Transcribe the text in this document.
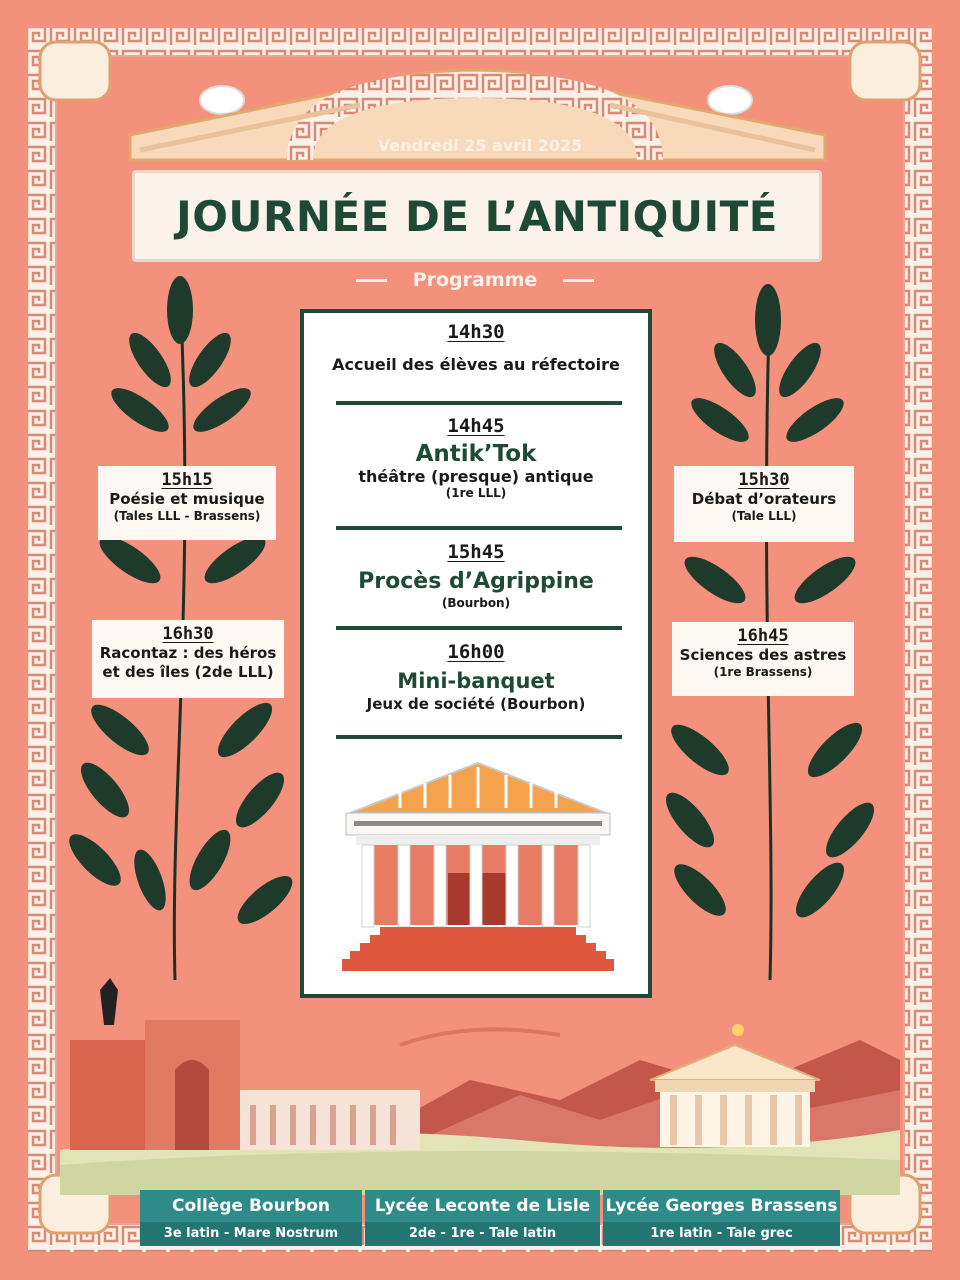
Vendredi 25 avril 2025
JOURNÉE DE L’ANTIQUITÉ
Programme
14h30
Accueil des élèves au réfectoire
14h45
Antik’Tok
théâtre (presque) antique
(1re LLL)
15h45
Procès d’Agrippine
(Bourbon)
16h00
Mini-banquet
Jeux de société (Bourbon)
15h15
Poésie et musique
(Tales LLL - Brassens)
16h30
Racontaz : des héros
et des îles (2de LLL)
15h30
Débat d’orateurs
(Tale LLL)
16h45
Sciences des astres
(1re Brassens)
Collège Bourbon
3e latin - Mare Nostrum
Lycée Leconte de Lisle
2de - 1re - Tale latin
Lycée Georges Brassens
1re latin - Tale grec
